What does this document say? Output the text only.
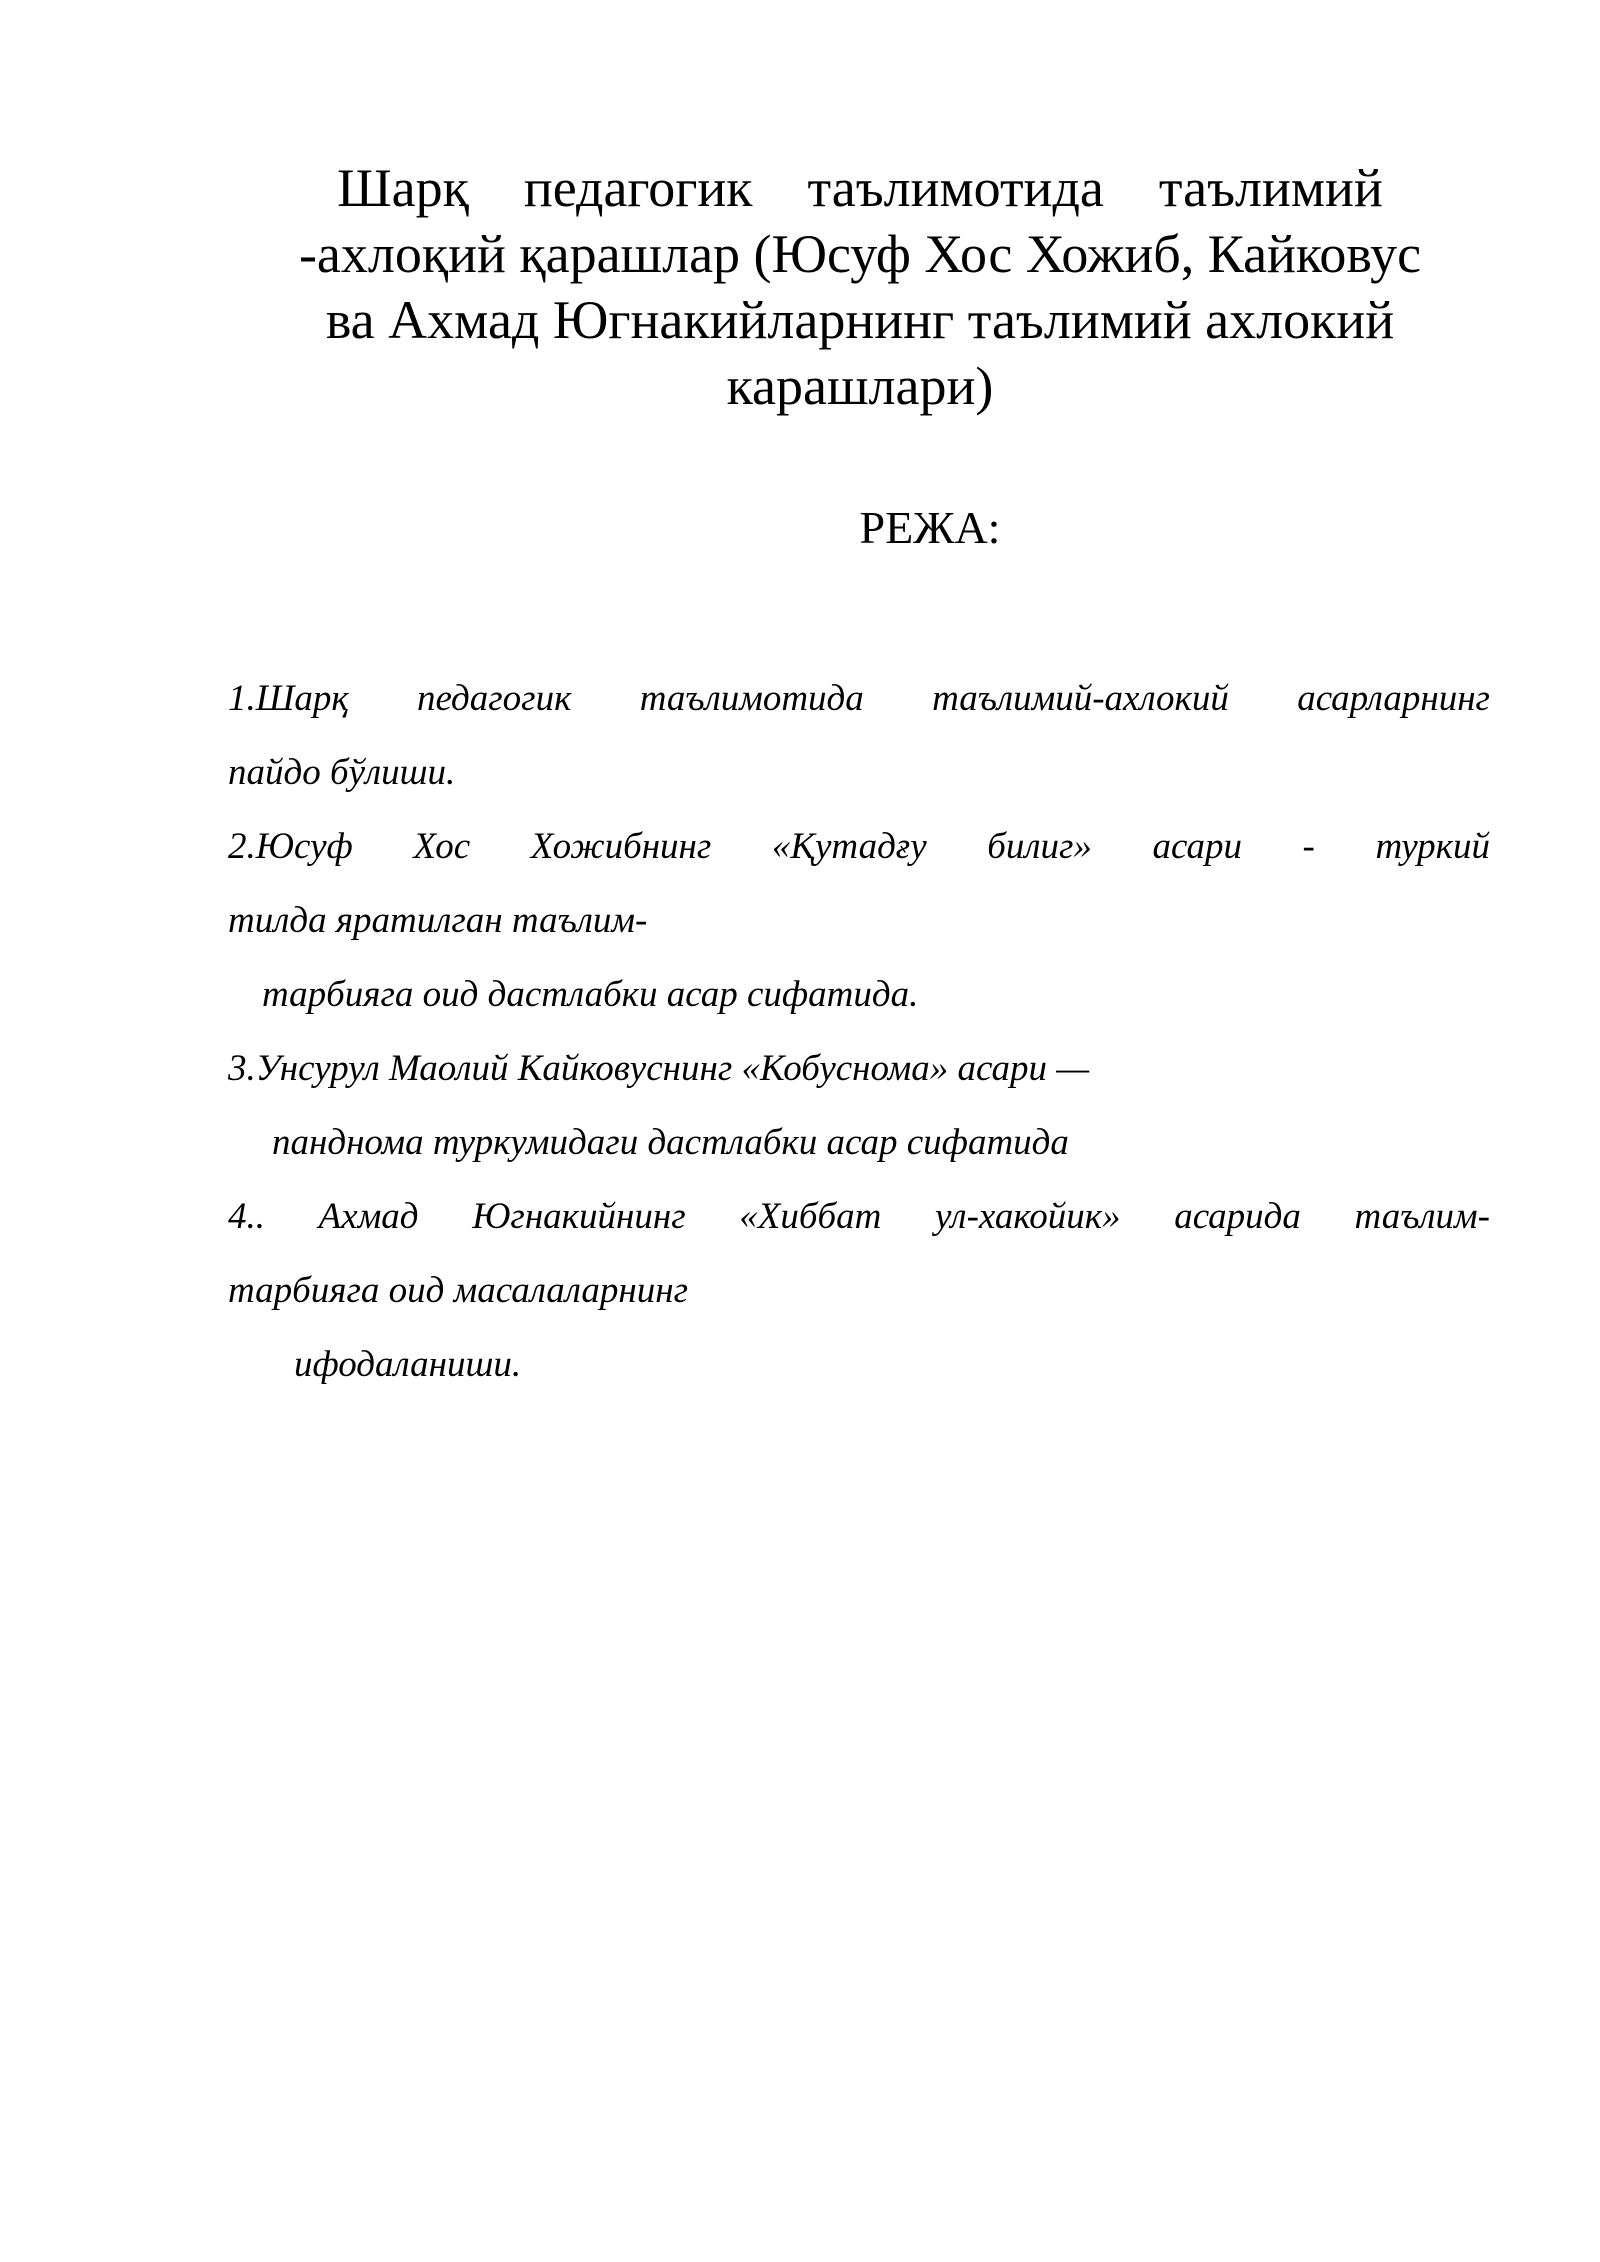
Шарқ  педагогик  таълимотида  таълимий
-ахлоқий қарашлар (Юсуф Хос Хожиб, Кайковус
ва Ахмад Югнакийларнинг таълимий ахлокий
карашлари)
РЕЖА:
1.Шарқ педагогик таълимотида таълимий-ахлокий асарларнинг
пайдо бўлиши.
2.Юсуф Хос Хожибнинг «Қутадғу билиг» асари - туркий
тилда яратилган таълим-
тарбияга оид дастлабки асар сифатида.
3.Унсурул Маолий Кайковуснинг «Кобуснома» асари —
пандномa туркумидаги дастлабки асар сифатида
4.. Ахмад Югнакийнинг «Хиббат ул-хакойик» асарида таълим-
тарбияга оид масалаларнинг
ифодаланиши.
